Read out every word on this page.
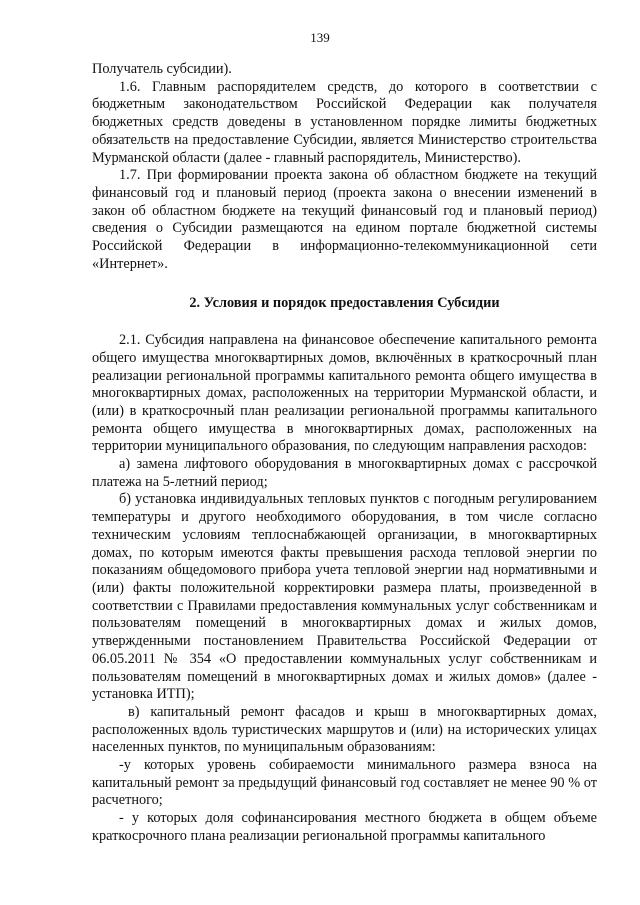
139

Получатель субсидии).

1.6. Главным распорядителем средств, до которого в соответствии с бюджетным законодательством Российской Федерации как получателя бюджетных средств доведены в установленном порядке лимиты бюджетных обязательств на предоставление Субсидии, является Министерство строительства Мурманской области (далее - главный распорядитель, Министерство).

1.7. При формировании проекта закона об областном бюджете на текущий финансовый год и плановый период (проекта закона о внесении изменений в закон об областном бюджете на текущий финансовый год и плановый период) сведения о Субсидии размещаются на едином портале бюджетной системы Российской Федерации в информационно-телекоммуникационной сети «Интернет».

2. Условия и порядок предоставления Субсидии

2.1. Субсидия направлена на финансовое обеспечение капитального ремонта общего имущества многоквартирных домов, включённых в краткосрочный план реализации региональной программы капитального ремонта общего имущества в многоквартирных домах, расположенных на территории Мурманской области, и (или) в краткосрочный план реализации региональной программы капитального ремонта общего имущества в многоквартирных домах, расположенных на территории муниципального образования, по следующим направления расходов:

а) замена лифтового оборудования в многоквартирных домах с рассрочкой платежа на 5-летний период;

б) установка индивидуальных тепловых пунктов с погодным регулированием температуры и другого необходимого оборудования, в том числе согласно техническим условиям теплоснабжающей организации, в многоквартирных домах, по которым имеются факты превышения расхода тепловой энергии по показаниям общедомового прибора учета тепловой энергии над нормативными и (или) факты положительной корректировки размера платы, произведенной в соответствии с Правилами предоставления коммунальных услуг собственникам и пользователям помещений в многоквартирных домах и жилых домов, утвержденными постановлением Правительства Российской Федерации от 06.05.2011 № 354 «О предоставлении коммунальных услуг собственникам и пользователям помещений в многоквартирных домах и жилых домов» (далее - установка ИТП);

в) капитальный ремонт фасадов и крыш в многоквартирных домах, расположенных вдоль туристических маршрутов и (или) на исторических улицах населенных пунктов, по муниципальным образованиям:

-у которых уровень собираемости минимального размера взноса на капитальный ремонт за предыдущий финансовый год составляет не менее 90 % от расчетного;

- у которых доля софинансирования местного бюджета в общем объеме краткосрочного плана реализации региональной программы капитального
